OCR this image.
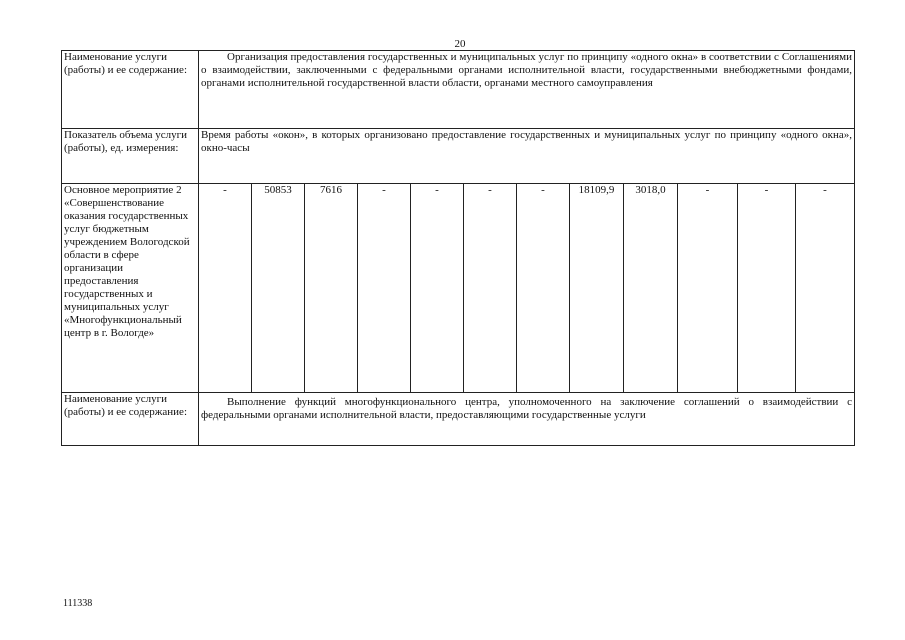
20
Наименование услуги (работы) и ее содержание:	Организация предоставления государственных и муниципальных услуг по принципу «одного окна» в соответствии с Соглашениями о взаимодействии, заключенными с федеральными органами исполнительной власти, государственными внебюджетными фондами, органами исполнительной государственной власти области, органами местного самоуправления											
Показатель объема услуги (работы), ед. измерения:	Время работы «окон», в которых организовано предоставление государственных и муниципальных услуг по принципу «одного окна», окно-часы											
Основное мероприятие 2 «Совершенствование оказания государственных услуг бюджетным учреждением Вологодской области в сфере организации предоставления государственных и муниципальных услуг «Многофункциональный центр в г. Вологде»	-	50853	7616	-	-	-	-	18109,9	3018,0	-	-	-
Наименование услуги (работы) и ее содержание:	Выполнение функций многофункционального центра, уполномоченного на заключение соглашений о взаимодействии с федеральными органами исполнительной власти, предоставляющими государственные услуги											
111338
